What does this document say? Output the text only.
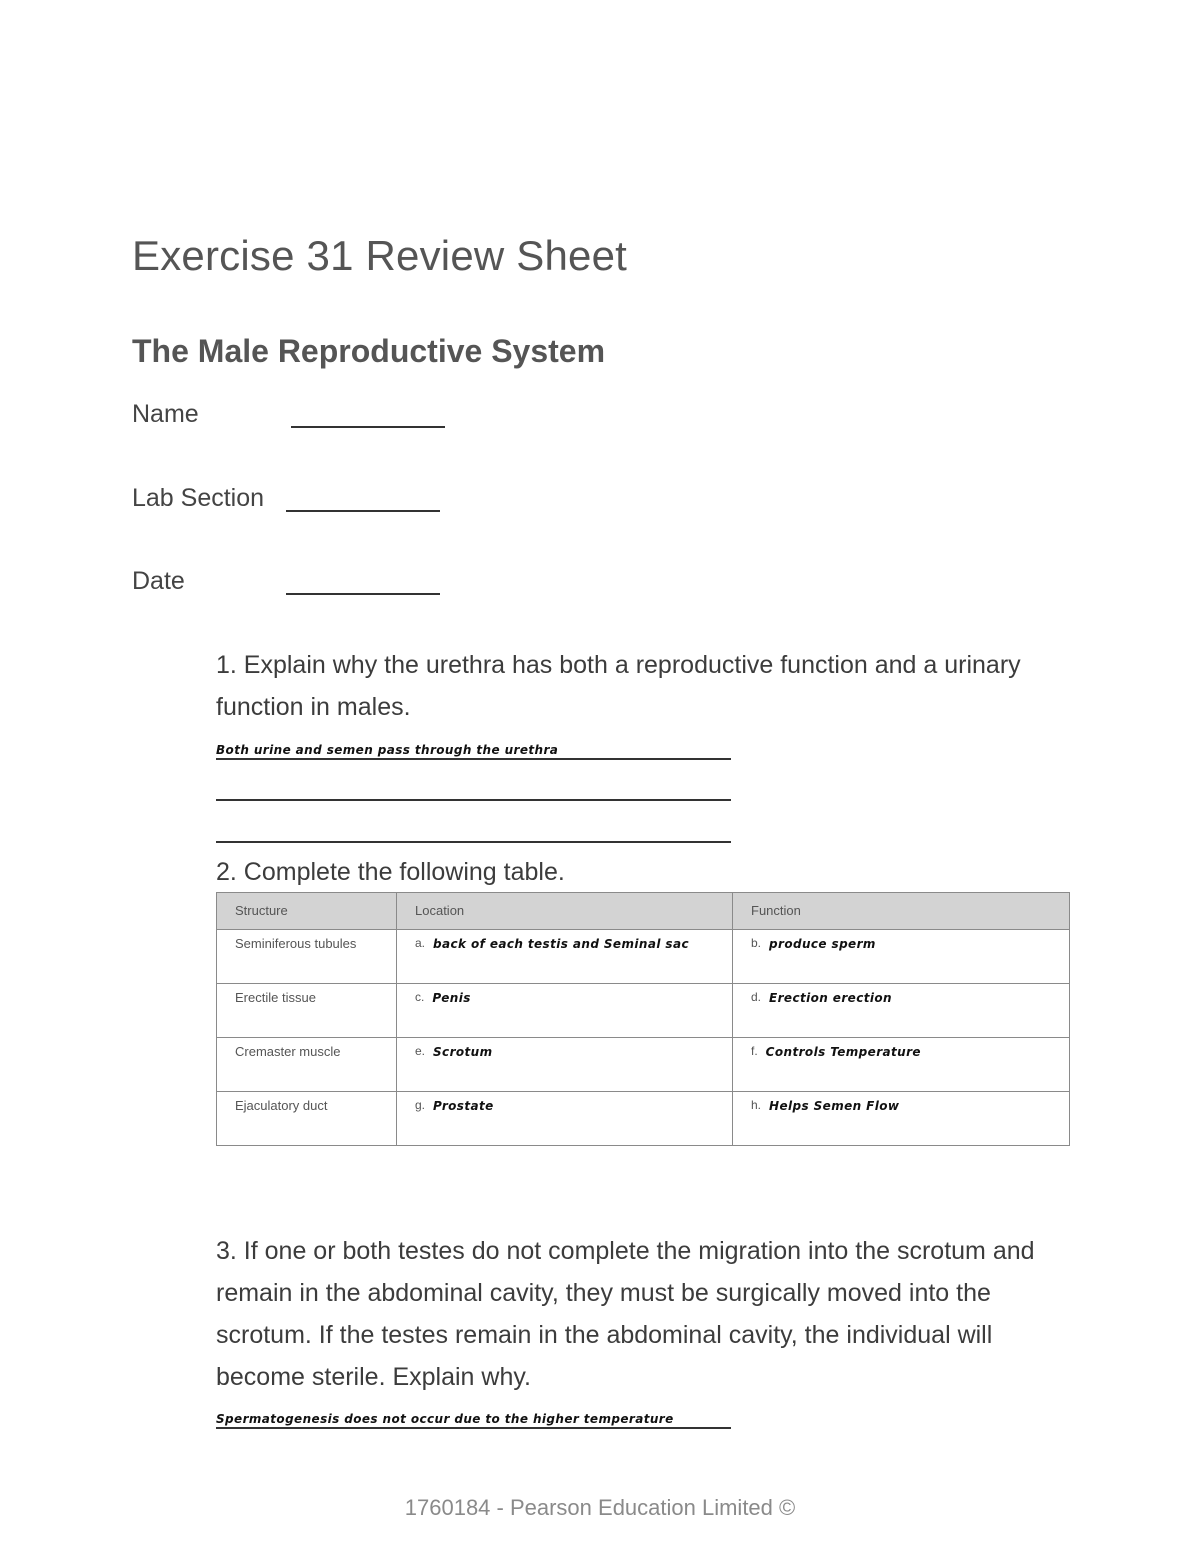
Exercise 31 Review Sheet
The Male Reproductive System
Name
Lab Section
Date
1. Explain why the urethra has both a reproductive function and a urinary function in males.
Both urine and semen pass through the urethra
2. Complete the following table.
Structure	Location	Function
Seminiferous tubules	a. back of each testis and Seminal sac	b. produce sperm
Erectile tissue	c. Penis	d. Erection erection
Cremaster muscle	e. Scrotum	f. Controls Temperature
Ejaculatory duct	g. Prostate	h. Helps Semen Flow
3. If one or both testes do not complete the migration into the scrotum and remain in the abdominal cavity, they must be surgically moved into the scrotum. If the testes remain in the abdominal cavity, the individual will become sterile. Explain why.
Spermatogenesis does not occur due to the higher temperature
1760184 - Pearson Education Limited ©
